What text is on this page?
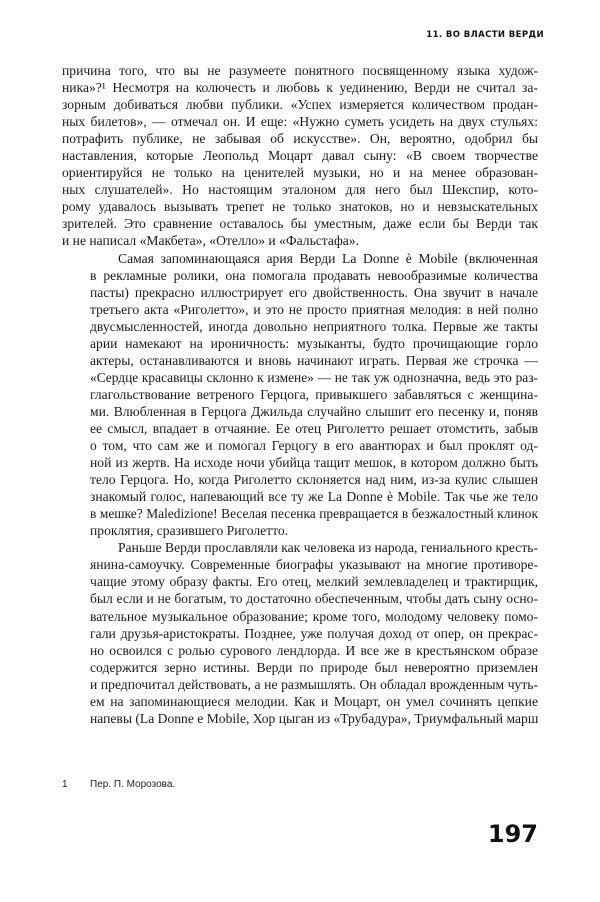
11. ВО ВЛАСТИ ВЕРДИ
причина того, что вы не разумеете понятного посвященному языка худож-
ника»?¹ Несмотря на колючесть и любовь к уединению, Верди не считал за-
зорным добиваться любви публики. «Успех измеряется количеством продан-
ных билетов», — отмечал он. И еще: «Нужно суметь усидеть на двух стульях:
потрафить публике, не забывая об искусстве». Он, вероятно, одобрил бы
наставления, которые Леопольд Моцарт давал сыну: «В своем творчестве
ориентируйся не только на ценителей музыки, но и на менее образован-
ных слушателей». Но настоящим эталоном для него был Шекспир, кото-
рому удавалось вызывать трепет не только знатоков, но и невзыскательных
зрителей. Это сравнение оставалось бы уместным, даже если бы Верди так
и не написал «Макбета», «Отелло» и «Фальстафа».
Самая запоминающаяся ария Верди La Donne è Mobile (включенная
в рекламные ролики, она помогала продавать невообразимые количества
пасты) прекрасно иллюстрирует его двойственность. Она звучит в начале
третьего акта «Риголетто», и это не просто приятная мелодия: в ней полно
двусмысленностей, иногда довольно неприятного толка. Первые же такты
арии намекают на ироничность: музыканты, будто прочищающие горло
актеры, останавливаются и вновь начинают играть. Первая же строчка —
«Сердце красавицы склонно к измене» — не так уж однозначна, ведь это раз-
глагольствование ветреного Герцога, привыкшего забавляться с женщина-
ми. Влюбленная в Герцога Джильда случайно слышит его песенку и, поняв
ее смысл, впадает в отчаяние. Ее отец Риголетто решает отомстить, забыв
о том, что сам же и помогал Герцогу в его авантюрах и был проклят од-
ной из жертв. На исходе ночи убийца тащит мешок, в котором должно быть
тело Герцога. Но, когда Риголетто склоняется над ним, из-за кулис слышен
знакомый голос, напевающий все ту же La Donne è Mobile. Так чье же тело
в мешке? Maledizione! Веселая песенка превращается в безжалостный клинок
проклятия, сразившего Риголетто.
Раньше Верди прославляли как человека из народа, гениального кресть-
янина-самоучку. Современные биографы указывают на многие противоре-
чащие этому образу факты. Его отец, мелкий землевладелец и трактирщик,
был если и не богатым, то достаточно обеспеченным, чтобы дать сыну осно-
вательное музыкальное образование; кроме того, молодому человеку помо-
гали друзья-аристократы. Позднее, уже получая доход от опер, он прекрас-
но освоился с ролью сурового лендлорда. И все же в крестьянском образе
содержится зерно истины. Верди по природе был невероятно приземлен
и предпочитал действовать, а не размышлять. Он обладал врожденным чуть-
ем на запоминающиеся мелодии. Как и Моцарт, он умел сочинять цепкие
напевы (La Donne e Mobile, Хор цыган из «Трубадура», Триумфальный марш
1 Пер. П. Морозова.
197
